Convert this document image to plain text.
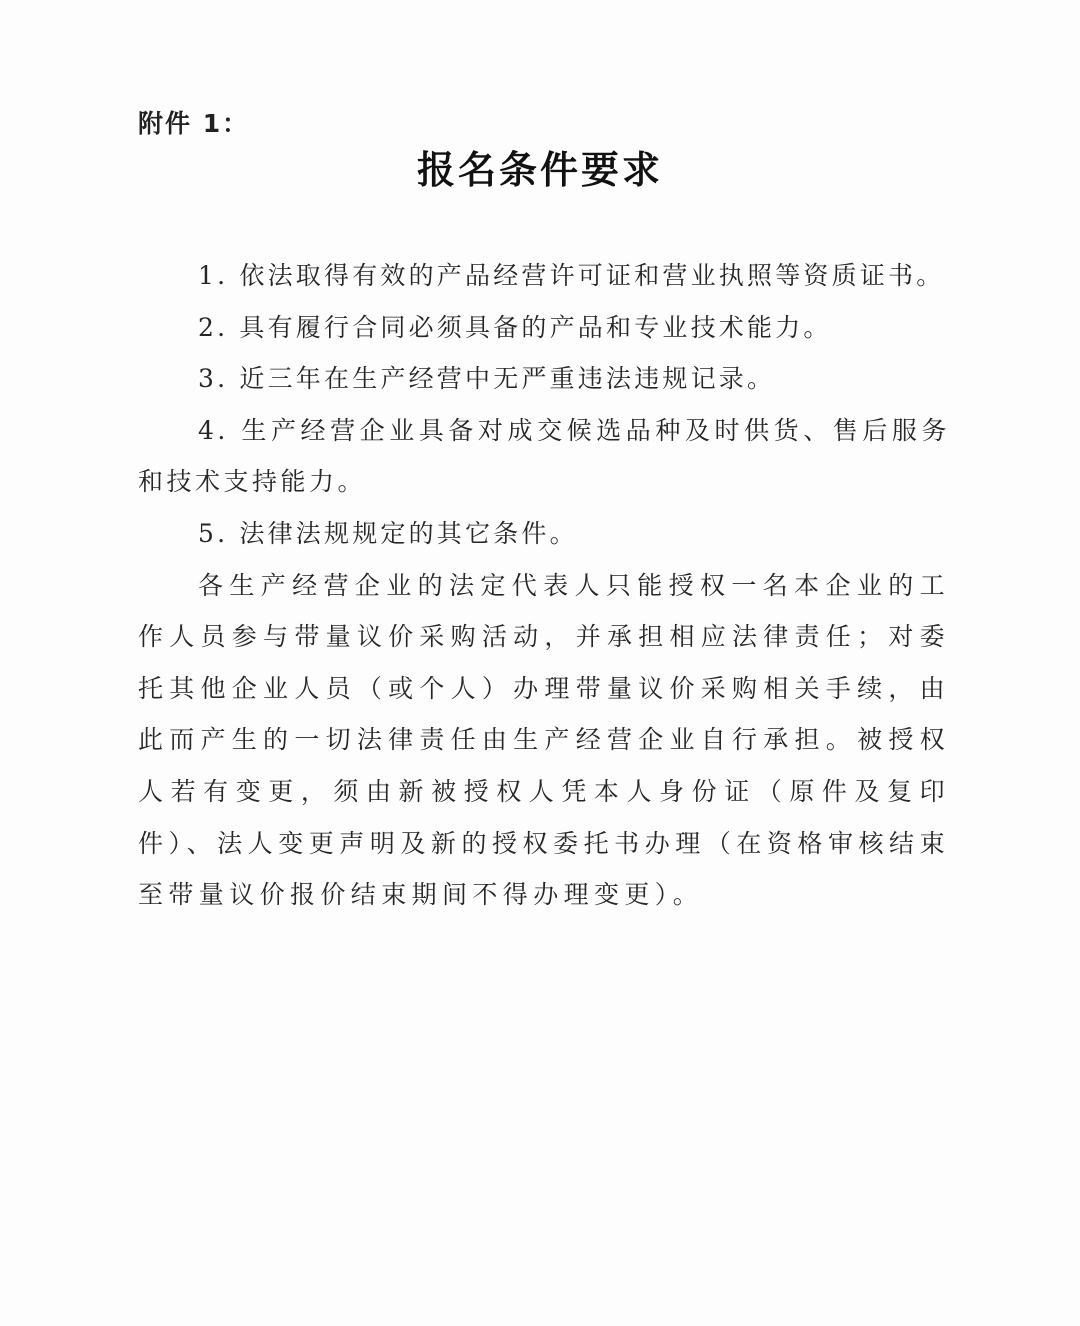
附件 1：
报名条件要求

1. 依法取得有效的产品经营许可证和营业执照等资质证书。

2. 具有履行合同必须具备的产品和专业技术能力。

3. 近三年在生产经营中无严重违法违规记录。

4. 生产经营企业具备对成交候选品种及时供货、售后服务和技术支持能力。

5. 法律法规规定的其它条件。

各生产经营企业的法定代表人只能授权一名本企业的工作人员参与带量议价采购活动，并承担相应法律责任；对委托其他企业人员（或个人）办理带量议价采购相关手续，由此而产生的一切法律责任由生产经营企业自行承担。被授权人若有变更，须由新被授权人凭本人身份证（原件及复印件）、法人变更声明及新的授权委托书办理（在资格审核结束至带量议价报价结束期间不得办理变更）。
